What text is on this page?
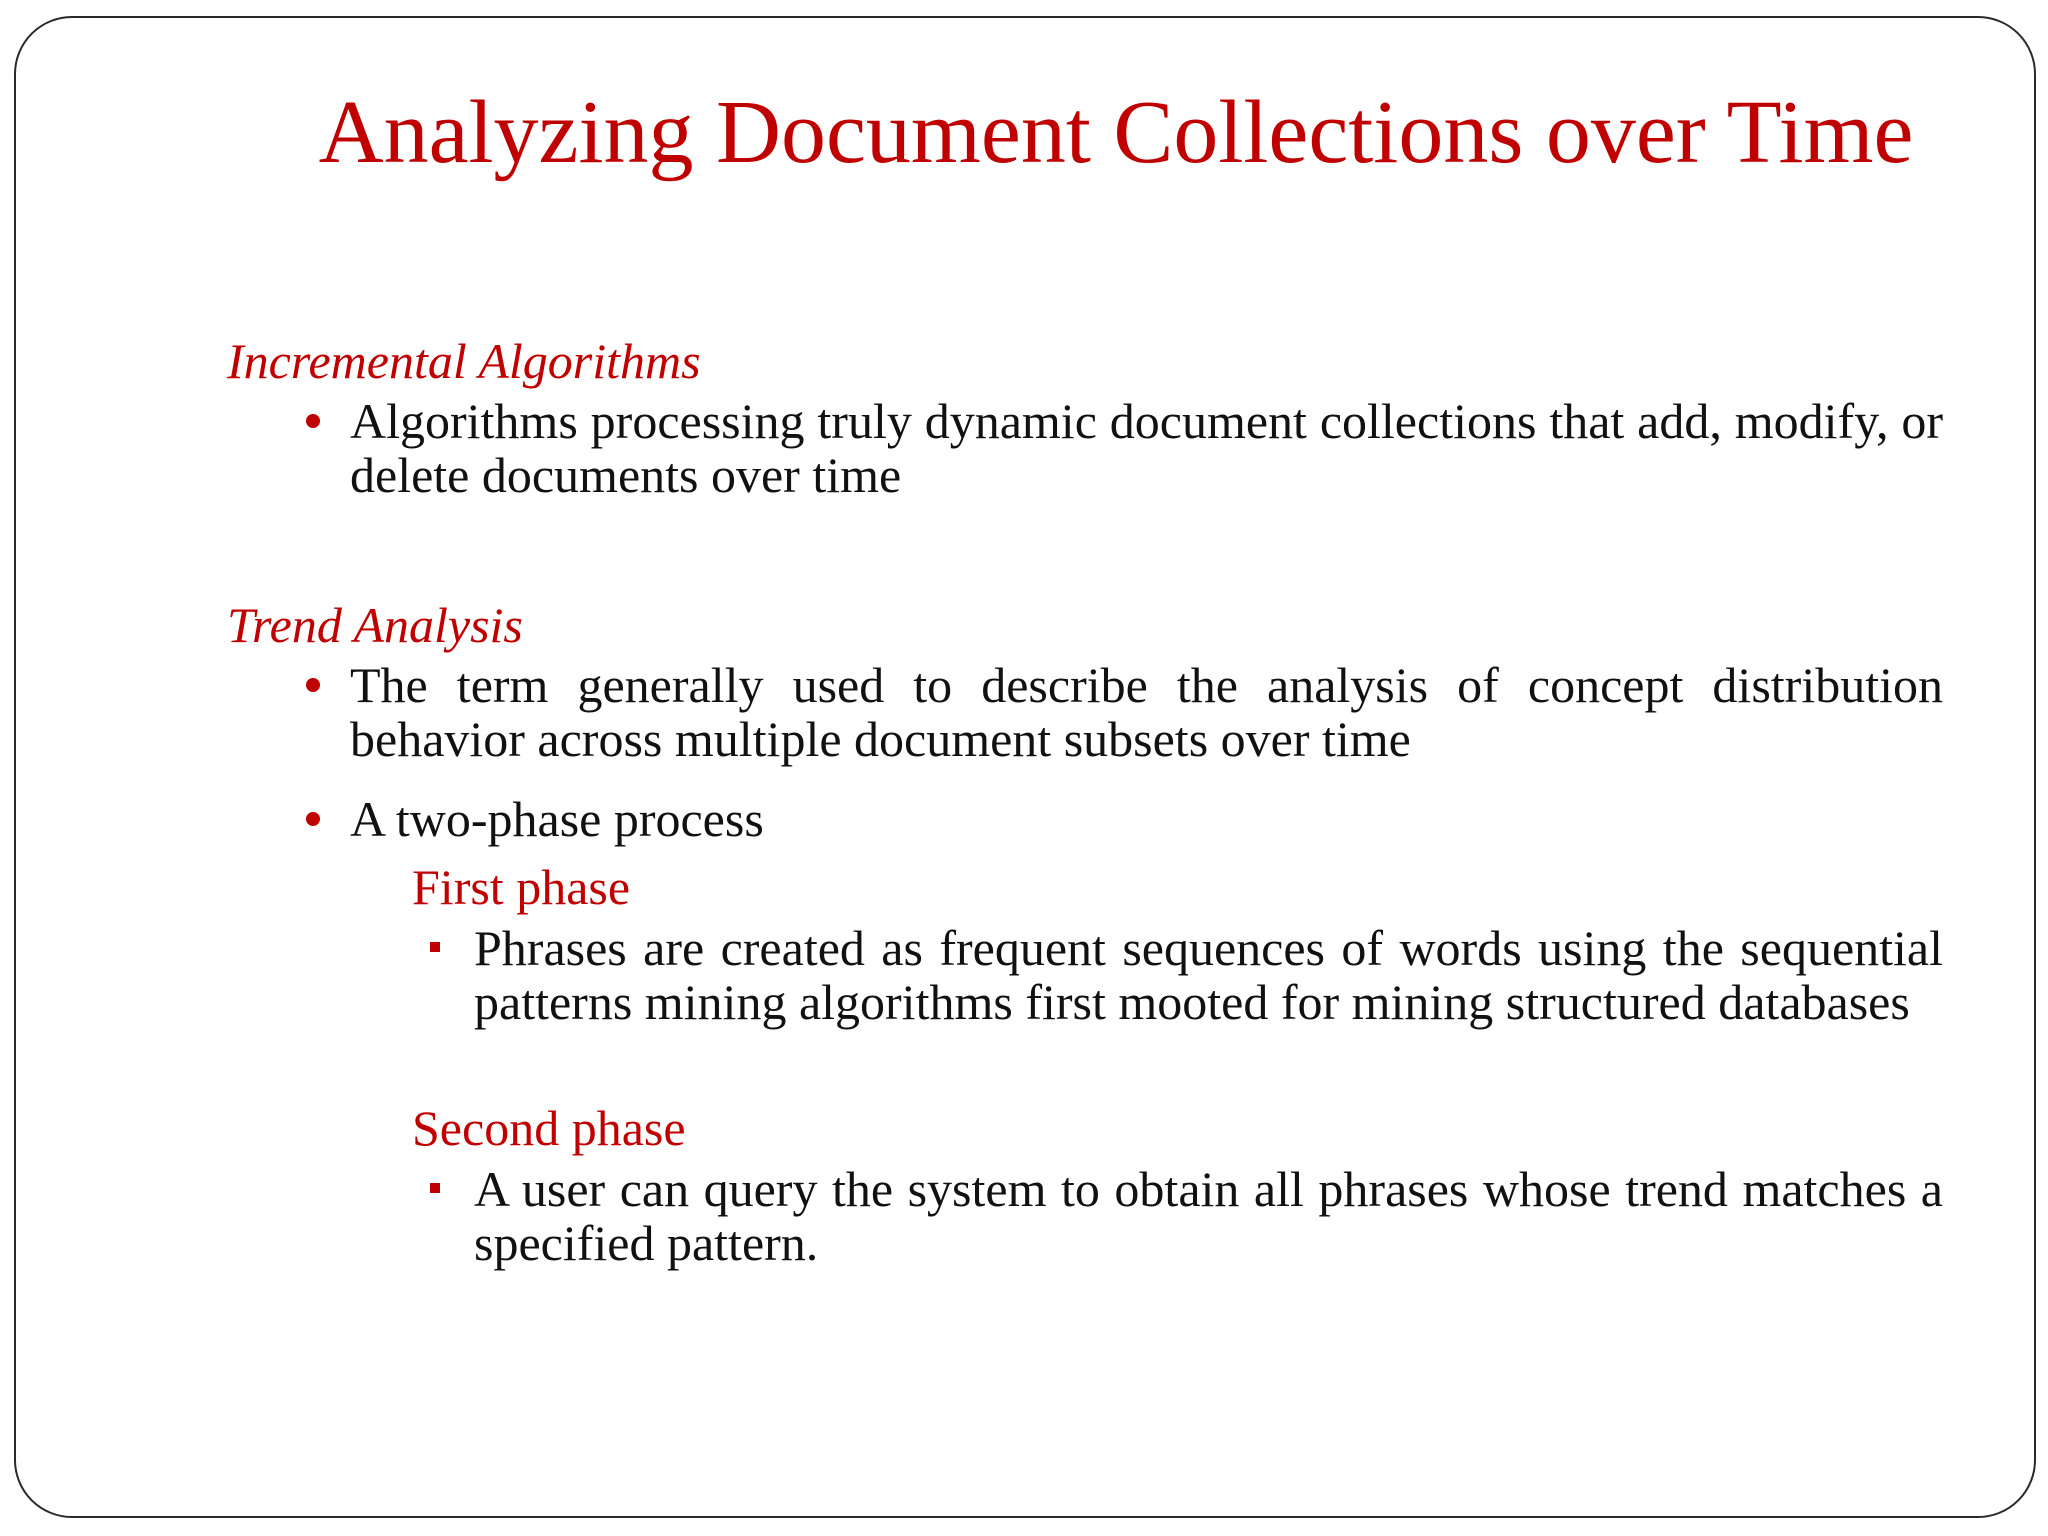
Analyzing Document Collections over Time
Incremental Algorithms
Algorithms processing truly dynamic document collections that add, modify, or delete documents over time
Trend Analysis
The term generally used to describe the analysis of concept distribution behavior across multiple document subsets over time
A two-phase process
First phase
Phrases are created as frequent sequences of words using the sequential patterns mining algorithms first mooted for mining structured databases
Second phase
A user can query the system to obtain all phrases whose trend matches a specified pattern.
